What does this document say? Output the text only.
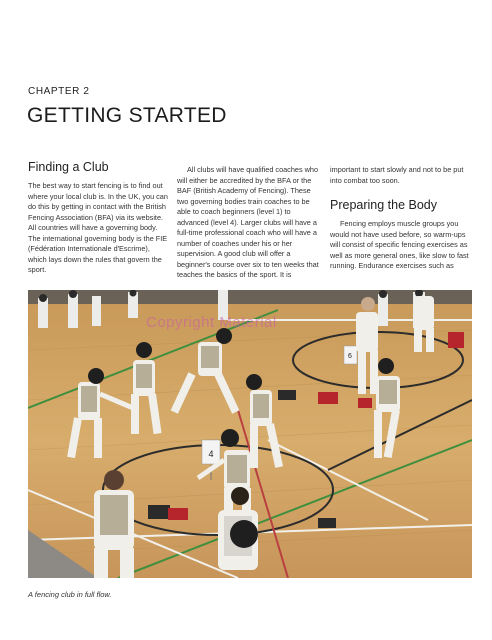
CHAPTER 2
GETTING STARTED
Finding a Club

The best way to start fencing is to find out where your local club is. In the UK, you can do this by getting in contact with the British Fencing Association (BFA) via its website. All countries will have a governing body. The international governing body is the FIE (Fédération Internationale d'Escrime), which lays down the rules that govern the sport.

All clubs will have qualified coaches who will either be accredited by the BFA or the BAF (British Academy of Fencing). These two governing bodies train coaches to be able to coach beginners (level 1) to advanced (level 4). Larger clubs will have a full-time professional coach who will have a number of coaches under his or her supervision. A good club will offer a beginner's course over six to ten weeks that teaches the basics of the sport. It is

important to start slowly and not to be put into combat too soon.

Preparing the Body

Fencing employs muscle groups you would not have used before, so warm-ups will consist of specific fencing exercises as well as more general ones, like slow to fast running. Endurance exercises such as

4
6
Copyright Material
A fencing club in full flow.
